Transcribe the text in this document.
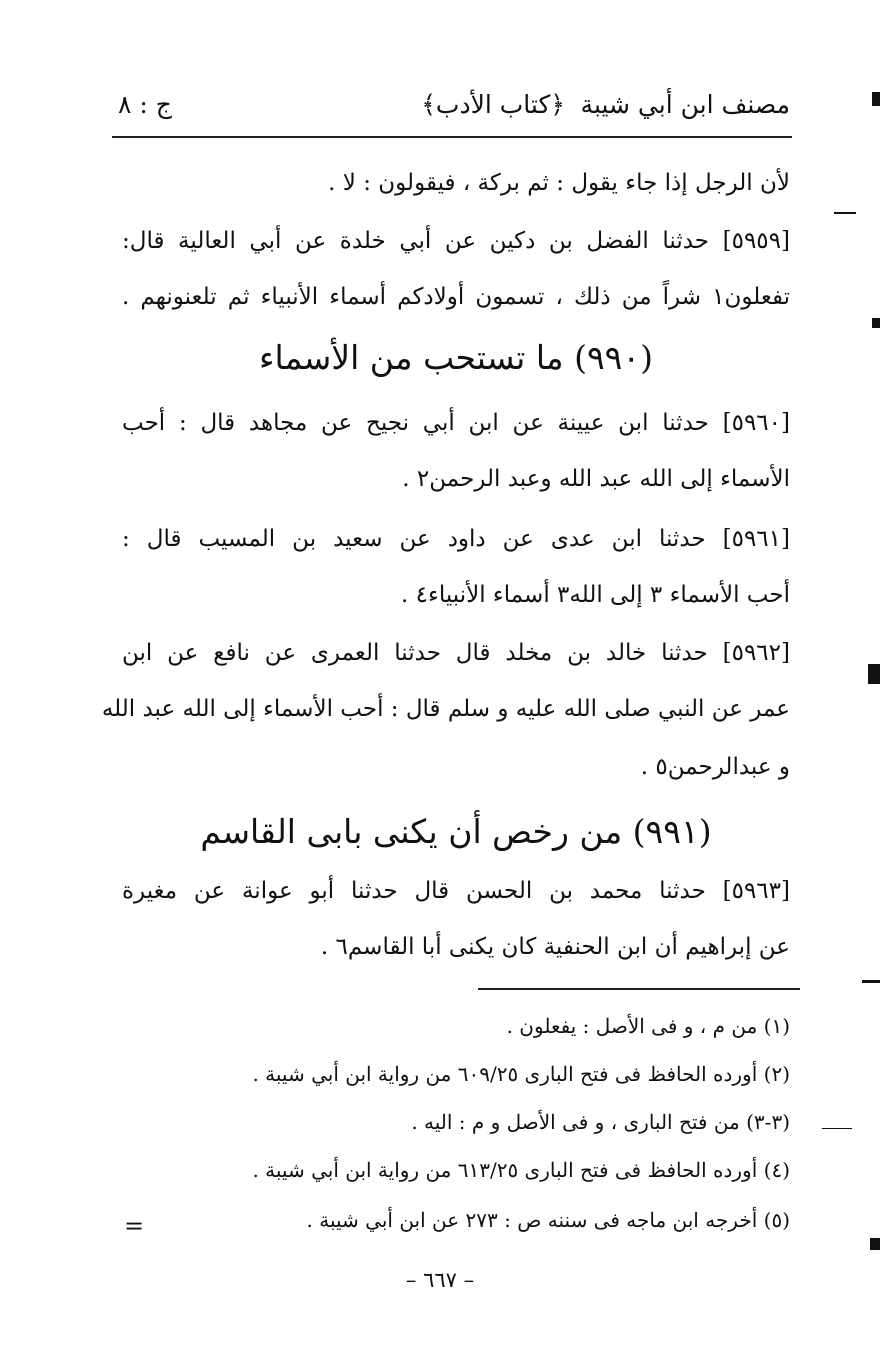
مصنف ابن أبي شيبة
﴿كتاب الأدب﴾
ج : ٨
لأن الرجل إذا جاء يقول : ثم بركة ، فيقولون : لا .
[٥٩٥٩] حدثنا الفضل بن دكين عن أبي خلدة عن أبي العالية قال:
تفعلون١ شراً من ذلك ، تسمون أولادكم أسماء الأنبياء ثم تلعنونهم .
(٩٩٠) ما تستحب من الأسماء
[٥٩٦٠] حدثنا ابن عيينة عن ابن أبي نجيح عن مجاهد قال : أحب
الأسماء إلى الله عبد الله وعبد الرحمن٢ .
[٥٩٦١] حدثنا ابن عدى عن داود عن سعيد بن المسيب قال :
أحب الأسماء ٣ إلى الله٣ أسماء الأنبياء٤ .
[٥٩٦٢] حدثنا خالد بن مخلد قال حدثنا العمرى عن نافع عن ابن
عمر عن النبي صلى الله عليه و سلم قال : أحب الأسماء إلى الله عبد الله
و عبدالرحمن٥ .
(٩٩١) من رخص أن يكنى بابى القاسم
[٥٩٦٣] حدثنا محمد بن الحسن قال حدثنا أبو عوانة عن مغيرة
عن إبراهيم أن ابن الحنفية كان يكنى أبا القاسم٦ .
(١) من م ، و فى الأصل : يفعلون .
(٢) أورده الحافظ فى فتح البارى ٦٠٩/٢٥ من رواية ابن أبي شيبة .
(٣-٣) من فتح البارى ، و فى الأصل و م : اليه .
(٤) أورده الحافظ فى فتح البارى ٦١٣/٢٥ من رواية ابن أبي شيبة .
(٥) أخرجه ابن ماجه فى سننه ص : ٢٧٣ عن ابن أبي شيبة .
=
– ٦٦٧ –
